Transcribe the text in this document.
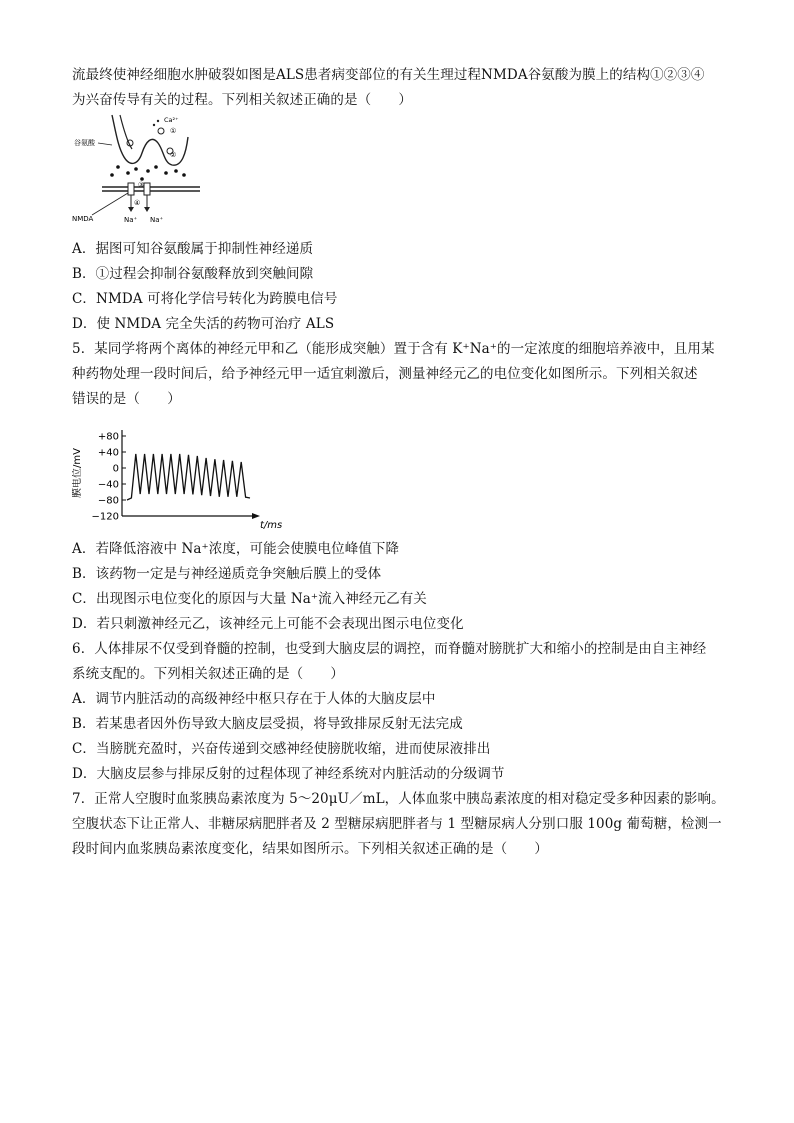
流最终使神经细胞水肿破裂如图是ALS患者病变部位的有关生理过程NMDA谷氨酸为膜上的结构①②③④
为兴奋传导有关的过程。下列相关叙述正确的是（　　）
谷氨酸
Ca²⁺
①
②
③
④
NMDA	Na⁺ Na⁺
A．据图可知谷氨酸属于抑制性神经递质
B．①过程会抑制谷氨酸释放到突触间隙
C．NMDA 可将化学信号转化为跨膜电信号
D．使 NMDA 完全失活的药物可治疗 ALS
5．某同学将两个离体的神经元甲和乙（能形成突触）置于含有 K⁺Na⁺的一定浓度的细胞培养液中，且用某
种药物处理一段时间后，给予神经元甲一适宜刺激后，测量神经元乙的电位变化如图所示。下列相关叙述
错误的是（　　）
膜电位/mV
+80
+40
0
−40
−80
−120
t/ms
A．若降低溶液中 Na⁺浓度，可能会使膜电位峰值下降
B．该药物一定是与神经递质竞争突触后膜上的受体
C．出现图示电位变化的原因与大量 Na⁺流入神经元乙有关
D．若只刺激神经元乙，该神经元上可能不会表现出图示电位变化
6．人体排尿不仅受到脊髓的控制，也受到大脑皮层的调控，而脊髓对膀胱扩大和缩小的控制是由自主神经
系统支配的。下列相关叙述正确的是（　　）
A．调节内脏活动的高级神经中枢只存在于人体的大脑皮层中
B．若某患者因外伤导致大脑皮层受损，将导致排尿反射无法完成
C．当膀胱充盈时，兴奋传递到交感神经使膀胱收缩，进而使尿液排出
D．大脑皮层参与排尿反射的过程体现了神经系统对内脏活动的分级调节
7．正常人空腹时血浆胰岛素浓度为 5～20μU／mL，人体血浆中胰岛素浓度的相对稳定受多种因素的影响。
空腹状态下让正常人、非糖尿病肥胖者及 2 型糖尿病肥胖者与 1 型糖尿病人分别口服 100g 葡萄糖，检测一
段时间内血浆胰岛素浓度变化，结果如图所示。下列相关叙述正确的是（　　）
